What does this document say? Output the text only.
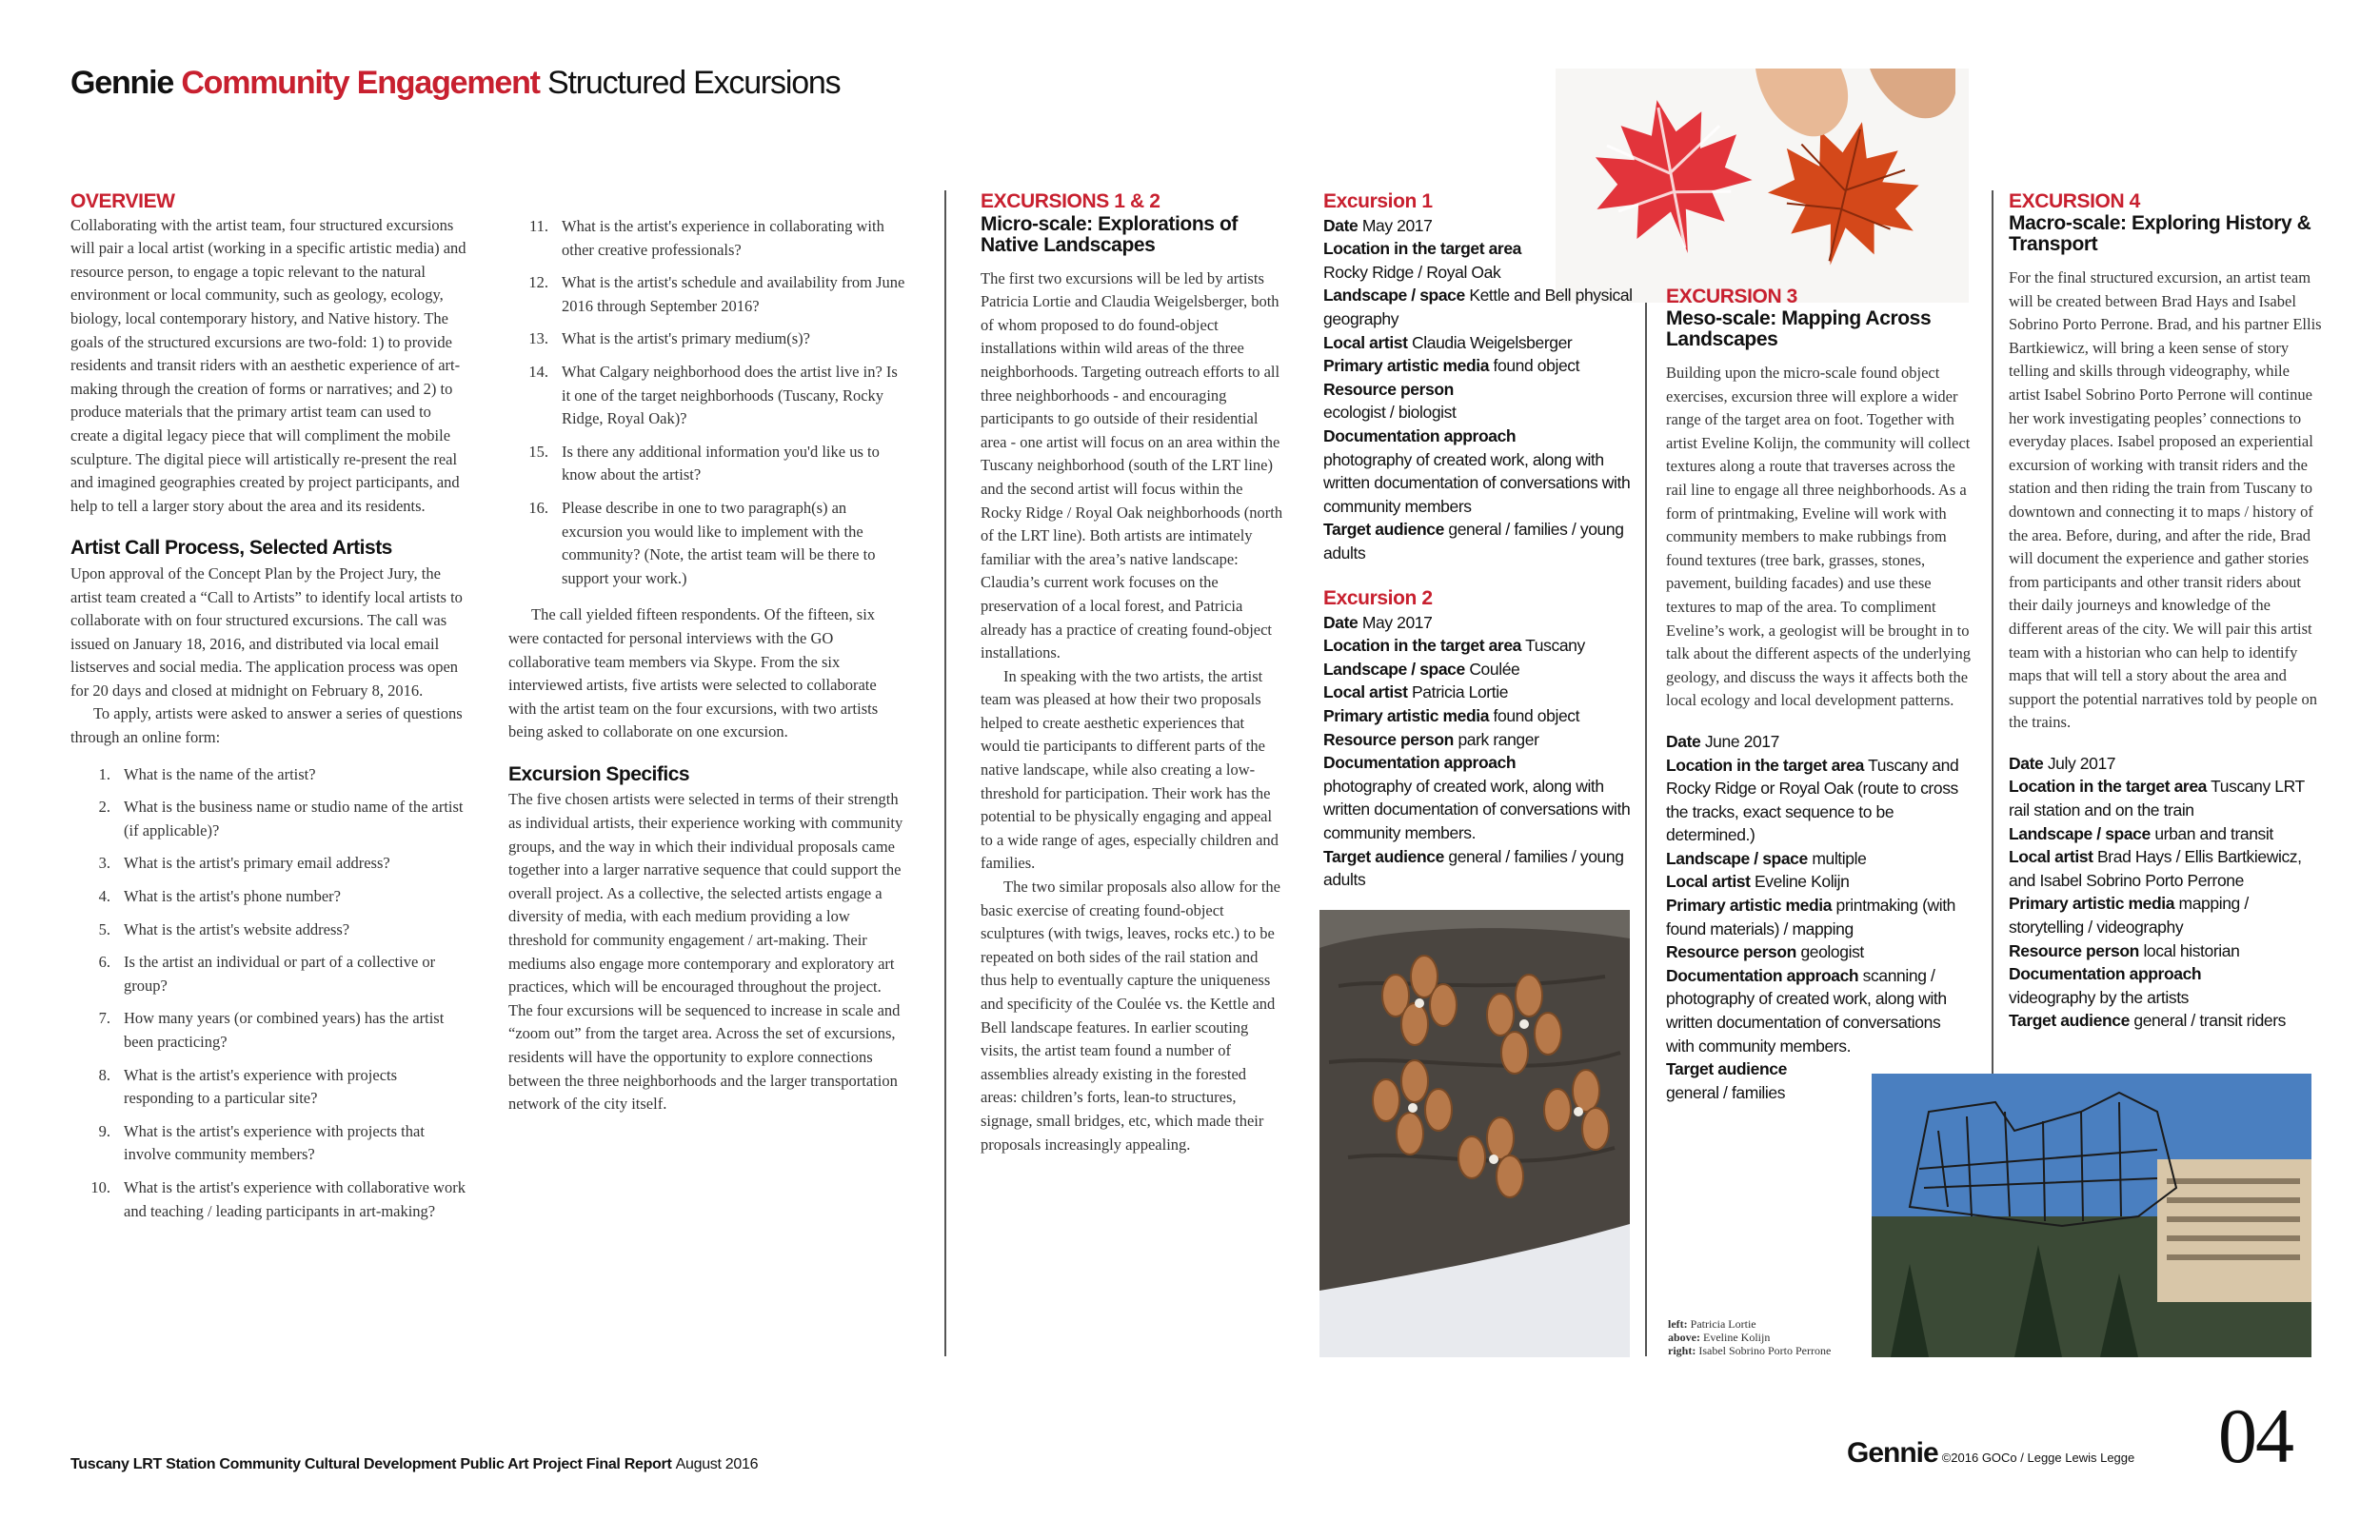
Gennie Community Engagement Structured Excursions
OVERVIEW

Collaborating with the artist team, four structured excursions will pair a local artist (working in a specific artistic media) and resource person, to engage a topic relevant to the natural environment or local community, such as geology, ecology, biology, local contemporary history, and Native history. The goals of the structured excursions are two-fold: 1) to provide residents and transit riders with an aesthetic experience of art-making through the creation of forms or narratives; and 2) to produce materials that the primary artist team can used to create a digital legacy piece that will compliment the mobile sculpture. The digital piece will artistically re-present the real and imagined geographies created by project participants, and help to tell a larger story about the area and its residents.

Artist Call Process, Selected Artists

Upon approval of the Concept Plan by the Project Jury, the artist team created a “Call to Artists” to identify local artists to collaborate with on four structured excursions. The call was issued on January 18, 2016, and distributed via local email listserves and social media. The application process was open for 20 days and closed at midnight on February 8, 2016.

To apply, artists were asked to answer a series of questions through an online form:

1. What is the name of the artist?
2. What is the business name or studio name of the artist (if applicable)?
3. What is the artist's primary email address?
4. What is the artist's phone number?
5. What is the artist's website address?
6. Is the artist an individual or part of a collective or group?
7. How many years (or combined years) has the artist been practicing?
8. What is the artist's experience with projects responding to a particular site?
9. What is the artist's experience with projects that involve community members?
10. What is the artist's experience with collaborative work and teaching / leading participants in art-making?
11. What is the artist's experience in collaborating with other creative professionals?
12. What is the artist's schedule and availability from June 2016 through September 2016?
13. What is the artist's primary medium(s)?
14. What Calgary neighborhood does the artist live in? Is it one of the target neighborhoods (Tuscany, Rocky Ridge, Royal Oak)?
15. Is there any additional information you'd like us to know about the artist?
16. Please describe in one to two paragraph(s) an excursion you would like to implement with the community? (Note, the artist team will be there to support your work.)

The call yielded fifteen respondents. Of the fifteen, six were contacted for personal interviews with the GO collaborative team members via Skype. From the six interviewed artists, five artists were selected to collaborate with the artist team on the four excursions, with two artists being asked to collaborate on one excursion.

Excursion Specifics

The five chosen artists were selected in terms of their strength as individual artists, their experience working with community groups, and the way in which their individual proposals came together into a larger narrative sequence that could support the overall project. As a collective, the selected artists engage a diversity of media, with each medium providing a low threshold for community engagement / art-making. Their mediums also engage more contemporary and exploratory art practices, which will be encouraged throughout the project. The four excursions will be sequenced to increase in scale and “zoom out” from the target area. Across the set of excursions, residents will have the opportunity to explore connections between the three neighborhoods and the larger transportation network of the city itself.

EXCURSIONS 1 & 2
Micro-scale: Explorations of Native Landscapes

The first two excursions will be led by artists Patricia Lortie and Claudia Weigelsberger, both of whom proposed to do found-object installations within wild areas of the three neighborhoods. Targeting outreach efforts to all three neighborhoods - and encouraging participants to go outside of their residential area - one artist will focus on an area within the Tuscany neighborhood (south of the LRT line) and the second artist will focus within the Rocky Ridge / Royal Oak neighborhoods (north of the LRT line). Both artists are intimately familiar with the area’s native landscape: Claudia’s current work focuses on the preservation of a local forest, and Patricia already has a practice of creating found-object installations.

In speaking with the two artists, the artist team was pleased at how their two proposals helped to create aesthetic experiences that would tie participants to different parts of the native landscape, while also creating a low-threshold for participation. Their work has the potential to be physically engaging and appeal to a wide range of ages, especially children and families.

The two similar proposals also allow for the basic exercise of creating found-object sculptures (with twigs, leaves, rocks etc.) to be repeated on both sides of the rail station and thus help to eventually capture the uniqueness and specificity of the Coulée vs. the Kettle and Bell landscape features. In earlier scouting visits, the artist team found a number of assemblies already existing in the forested areas: children’s forts, lean-to structures, signage, small bridges, etc, which made their proposals increasingly appealing.

Excursion 1
Date May 2017
Location in the target area
Rocky Ridge / Royal Oak
Landscape / space Kettle and Bell physical geography
Local artist Claudia Weigelsberger
Primary artistic media found object
Resource person
ecologist / biologist
Documentation approach
photography of created work, along with written documentation of conversations with community members
Target audience general / families / young adults
Excursion 2
Date May 2017
Location in the target area Tuscany
Landscape / space Coulée
Local artist Patricia Lortie
Primary artistic media found object
Resource person park ranger
Documentation approach
photography of created work, along with written documentation of conversations with community members.
Target audience general / families / young adults
EXCURSION 3
Meso-scale: Mapping Across Landscapes

Building upon the micro-scale found object exercises, excursion three will explore a wider range of the target area on foot. Together with artist Eveline Kolijn, the community will collect textures along a route that traverses across the rail line to engage all three neighborhoods. As a form of printmaking, Eveline will work with community members to make rubbings from found textures (tree bark, grasses, stones, pavement, building facades) and use these textures to map of the area. To compliment Eveline’s work, a geologist will be brought in to talk about the different aspects of the underlying geology, and discuss the ways it affects both the local ecology and local development patterns.

Date June 2017
Location in the target area Tuscany and Rocky Ridge or Royal Oak (route to cross the tracks, exact sequence to be determined.)
Landscape / space multiple
Local artist Eveline Kolijn
Primary artistic media printmaking (with found materials) / mapping
Resource person geologist
Documentation approach scanning / photography of created work, along with written documentation of conversations with community members.
Target audience
general / families
left: Patricia Lortie
above: Eveline Kolijn
right: Isabel Sobrino Porto Perrone
EXCURSION 4
Macro-scale: Exploring History & Transport

For the final structured excursion, an artist team will be created between Brad Hays and Isabel Sobrino Porto Perrone. Brad, and his partner Ellis Bartkiewicz, will bring a keen sense of story telling and skills through videography, while artist Isabel Sobrino Porto Perrone will continue her work investigating peoples’ connections to everyday places. Isabel proposed an experiential excursion of working with transit riders and the station and then riding the train from Tuscany to downtown and connecting it to maps / history of the area. Before, during, and after the ride, Brad will document the experience and gather stories from participants and other transit riders about their daily journeys and knowledge of the different areas of the city. We will pair this artist team with a historian who can help to identify maps that will tell a story about the area and support the potential narratives told by people on the trains.

Date July 2017
Location in the target area Tuscany LRT rail station and on the train
Landscape / space urban and transit
Local artist Brad Hays / Ellis Bartkiewicz, and Isabel Sobrino Porto Perrone
Primary artistic media mapping / storytelling / videography
Resource person local historian
Documentation approach
videography by the artists
Target audience general / transit riders
Tuscany LRT Station Community Cultural Development Public Art Project Final Report August 2016	Gennie ©2016 GOCo / Legge Lewis Legge 04
